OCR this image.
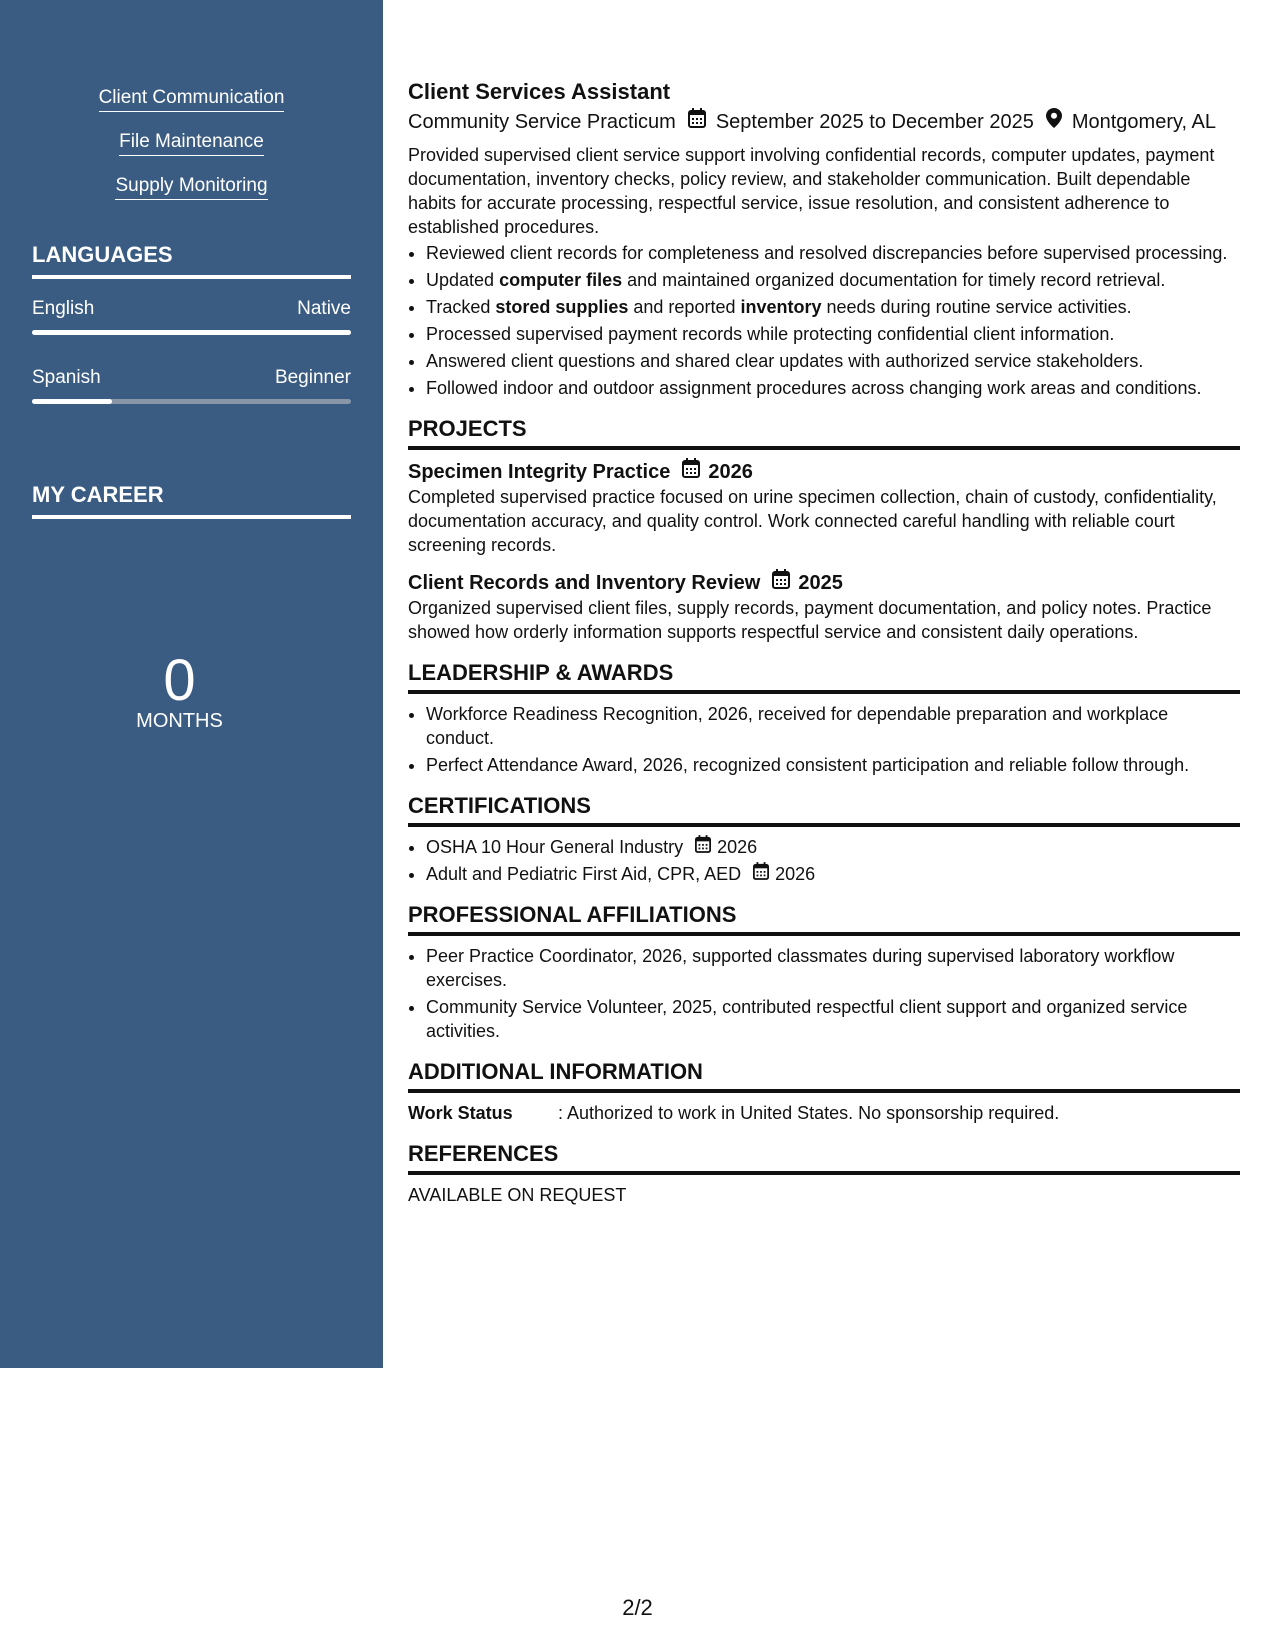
Client Communication
File Maintenance
Supply Monitoring
LANGUAGES
English	Native
Spanish	Beginner
MY CAREER
0
MONTHS
Client Services Assistant
Community Service Practicum September 2025 to December 2025 Montgomery, AL
Provided supervised client service support involving confidential records, computer updates, payment documentation, inventory checks, policy review, and stakeholder communication. Built dependable habits for accurate processing, respectful service, issue resolution, and consistent adherence to established procedures.
• Reviewed client records for completeness and resolved discrepancies before supervised processing.
• Updated computer files and maintained organized documentation for timely record retrieval.
• Tracked stored supplies and reported inventory needs during routine service activities.
• Processed supervised payment records while protecting confidential client information.
• Answered client questions and shared clear updates with authorized service stakeholders.
• Followed indoor and outdoor assignment procedures across changing work areas and conditions.
PROJECTS
Specimen Integrity Practice 2026
Completed supervised practice focused on urine specimen collection, chain of custody, confidentiality, documentation accuracy, and quality control. Work connected careful handling with reliable court screening records.
Client Records and Inventory Review 2025
Organized supervised client files, supply records, payment documentation, and policy notes. Practice showed how orderly information supports respectful service and consistent daily operations.
LEADERSHIP & AWARDS
• Workforce Readiness Recognition, 2026, received for dependable preparation and workplace conduct.
• Perfect Attendance Award, 2026, recognized consistent participation and reliable follow through.
CERTIFICATIONS
• OSHA 10 Hour General Industry 2026
• Adult and Pediatric First Aid, CPR, AED 2026
PROFESSIONAL AFFILIATIONS
• Peer Practice Coordinator, 2026, supported classmates during supervised laboratory workflow exercises.
• Community Service Volunteer, 2025, contributed respectful client support and organized service activities.
ADDITIONAL INFORMATION
Work Status	: Authorized to work in United States. No sponsorship required.
REFERENCES
AVAILABLE ON REQUEST
2/2
